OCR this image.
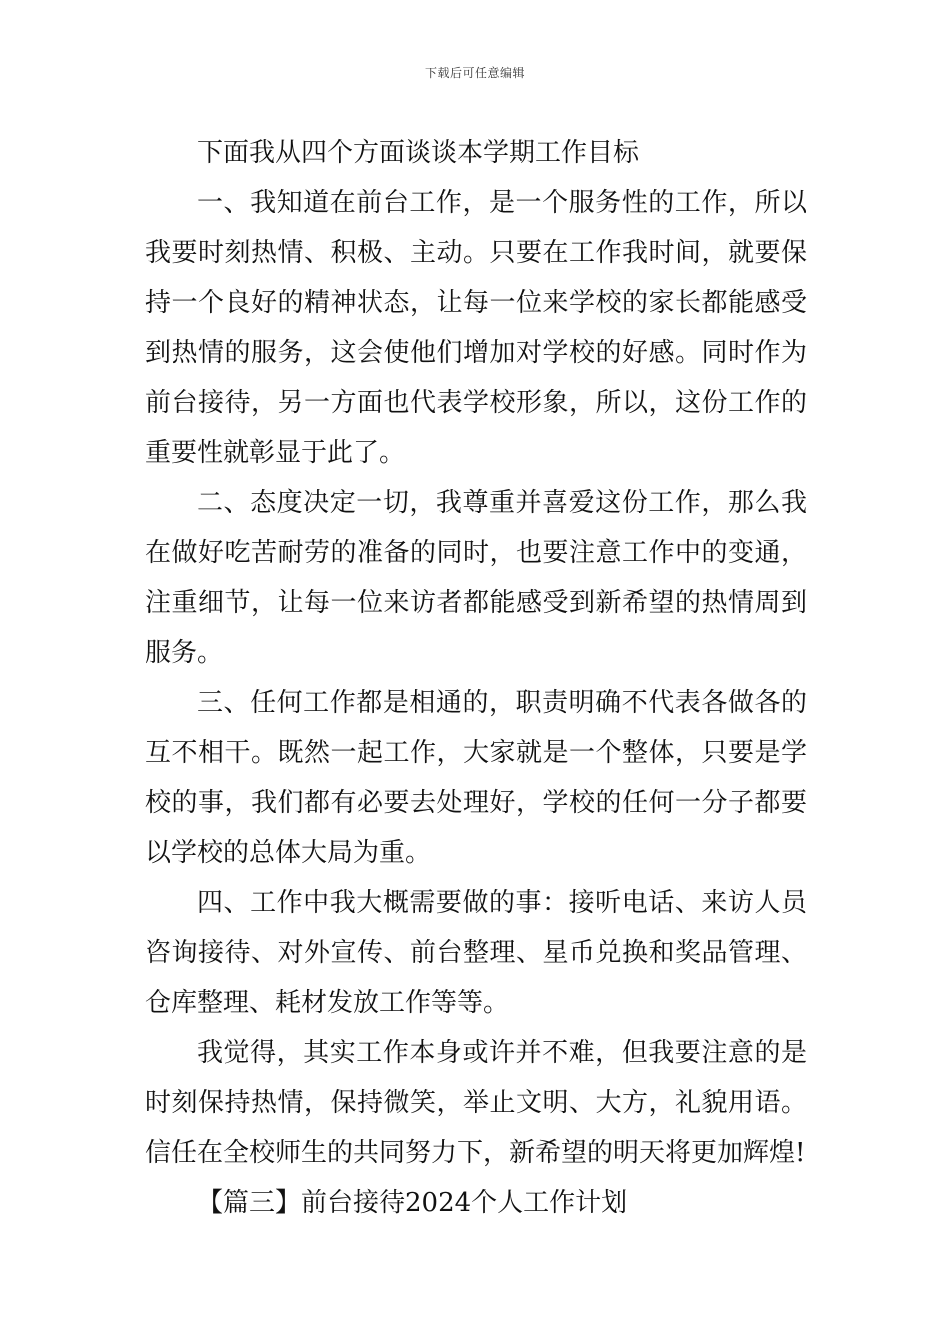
下载后可任意编辑

下面我从四个方面谈谈本学期工作目标

一、我知道在前台工作，是一个服务性的工作，所以我要时刻热情、积极、主动。只要在工作我时间，就要保持一个良好的精神状态，让每一位来学校的家长都能感受到热情的服务，这会使他们增加对学校的好感。同时作为前台接待，另一方面也代表学校形象，所以，这份工作的重要性就彰显于此了。

二、态度决定一切，我尊重并喜爱这份工作，那么我在做好吃苦耐劳的准备的同时，也要注意工作中的变通，注重细节，让每一位来访者都能感受到新希望的热情周到服务。

三、任何工作都是相通的，职责明确不代表各做各的互不相干。既然一起工作，大家就是一个整体，只要是学校的事，我们都有必要去处理好，学校的任何一分子都要以学校的总体大局为重。

四、工作中我大概需要做的事：接听电话、来访人员咨询接待、对外宣传、前台整理、星币兑换和奖品管理、仓库整理、耗材发放工作等等。

我觉得，其实工作本身或许并不难，但我要注意的是时刻保持热情，保持微笑，举止文明、大方，礼貌用语。信任在全校师生的共同努力下，新希望的明天将更加辉煌!

【篇三】前台接待2024个人工作计划
